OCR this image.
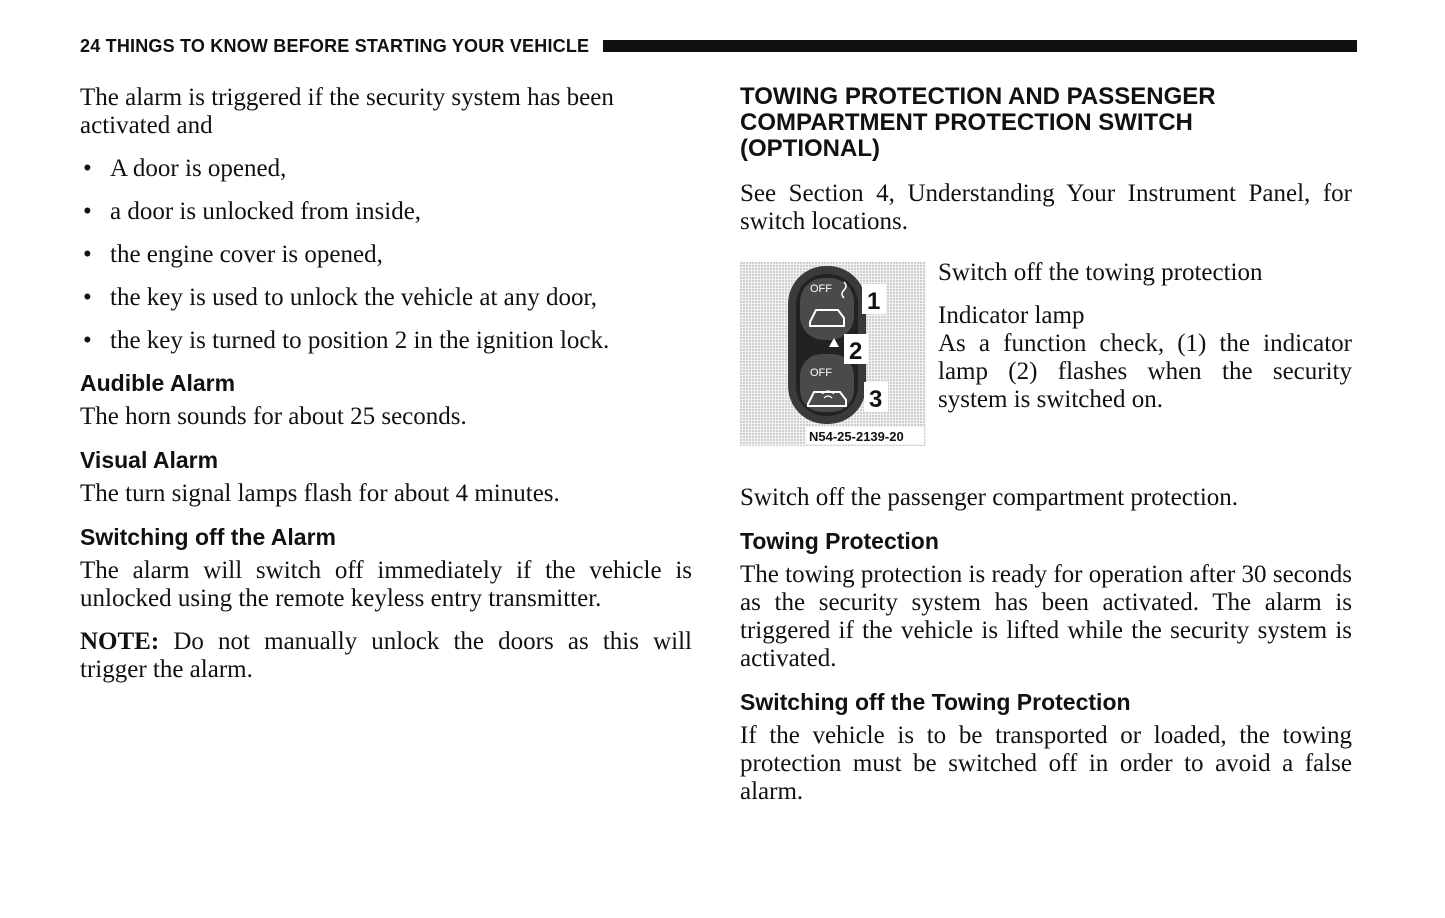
24 THINGS TO KNOW BEFORE STARTING YOUR VEHICLE

The alarm is triggered if the security system has been activated and

• A door is opened,
• a door is unlocked from inside,
• the engine cover is opened,
• the key is used to unlock the vehicle at any door,
• the key is turned to position 2 in the ignition lock.
Audible Alarm

The horn sounds for about 25 seconds.

Visual Alarm

The turn signal lamps flash for about 4 minutes.

Switching off the Alarm

The alarm will switch off immediately if the vehicle is unlocked using the remote keyless entry transmitter.

NOTE: Do not manually unlock the doors as this will trigger the alarm.

TOWING PROTECTION AND PASSENGER
COMPARTMENT PROTECTION SWITCH
(OPTIONAL)

See Section 4, Understanding Your Instrument Panel, for switch locations.

OFF
OFF
1
2
3
N54-25-2139-20

Switch off the towing protection

Indicator lamp

As a function check, (1) the indicator lamp (2) flashes when the security system is switched on.

Switch off the passenger compartment protection.

Towing Protection

The towing protection is ready for operation after 30 seconds as the security system has been activated. The alarm is triggered if the vehicle is lifted while the security system is activated.

Switching off the Towing Protection

If the vehicle is to be transported or loaded, the towing protection must be switched off in order to avoid a false alarm.
